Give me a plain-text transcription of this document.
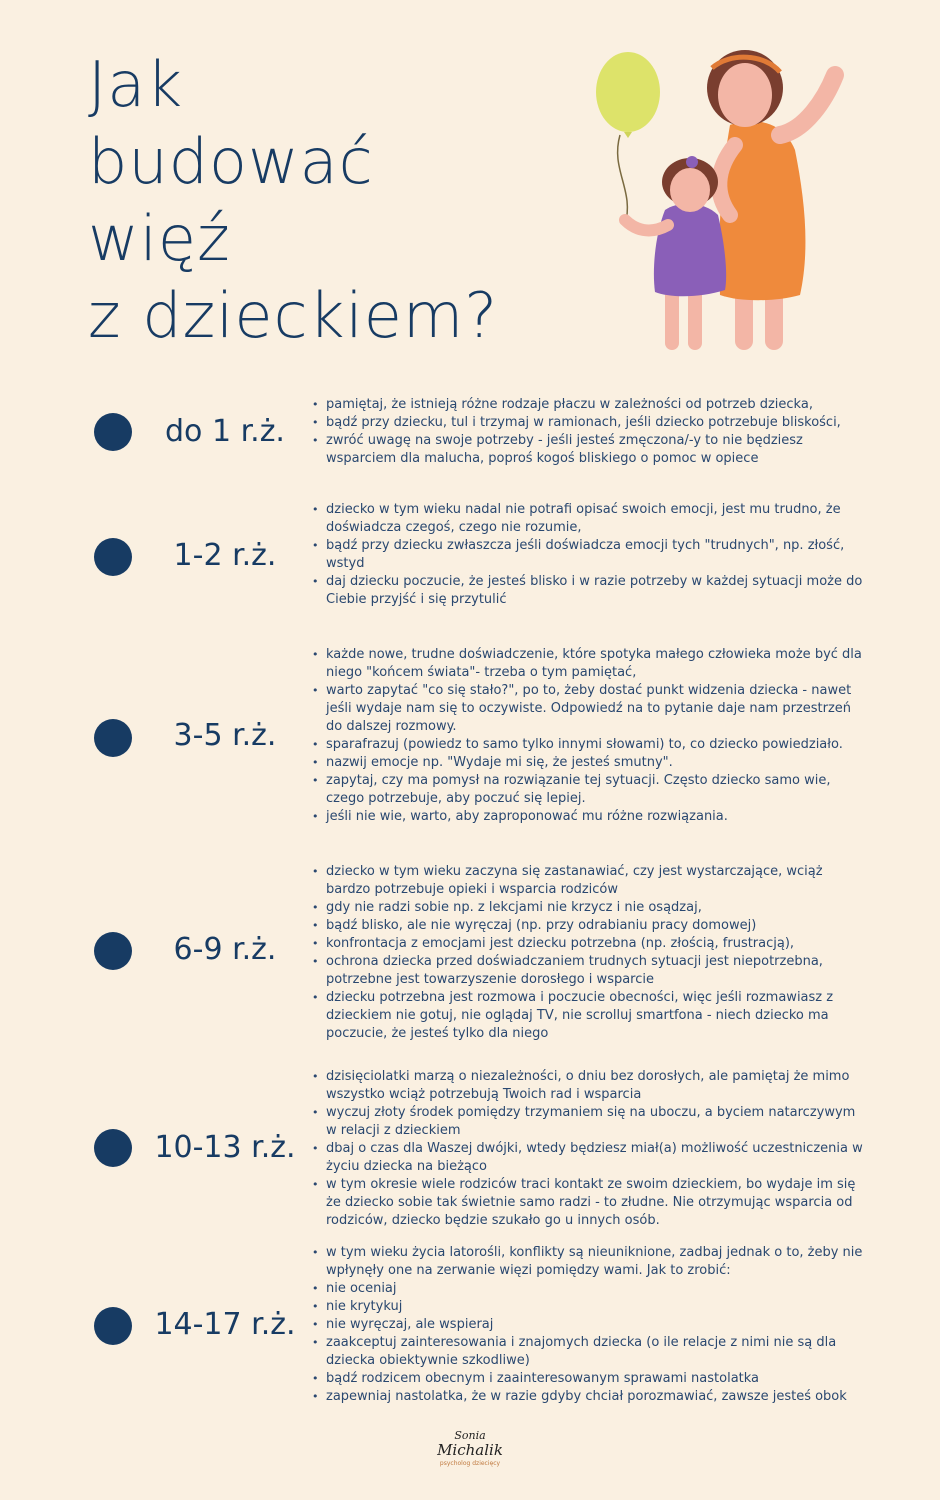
Jak
budować
więź
z dzieckiem?
do 1 r.ż.
• pamiętaj, że istnieją różne rodzaje płaczu w zależności od potrzeb dziecka,
• bądź przy dziecku, tul i trzymaj w ramionach, jeśli dziecko potrzebuje bliskości,
• zwróć uwagę na swoje potrzeby - jeśli jesteś zmęczona/-y to nie będziesz wsparciem dla malucha, poproś kogoś bliskiego o pomoc w opiece
1-2 r.ż.
• dziecko w tym wieku nadal nie potrafi opisać swoich emocji, jest mu trudno, że doświadcza czegoś, czego nie rozumie,
• bądź przy dziecku zwłaszcza jeśli doświadcza emocji tych "trudnych", np. złość, wstyd
• daj dziecku poczucie, że jesteś blisko i w razie potrzeby w każdej sytuacji może do Ciebie przyjść i się przytulić
3-5 r.ż.
• każde nowe, trudne doświadczenie, które spotyka małego człowieka może być dla niego "końcem świata"- trzeba o tym pamiętać,
• warto zapytać "co się stało?", po to, żeby dostać punkt widzenia dziecka - nawet jeśli wydaje nam się to oczywiste. Odpowiedź na to pytanie daje nam przestrzeń do dalszej rozmowy.
• sparafrazuj (powiedz to samo tylko innymi słowami) to, co dziecko powiedziało.
• nazwij emocje np. "Wydaje mi się, że jesteś smutny".
• zapytaj, czy ma pomysł na rozwiązanie tej sytuacji. Często dziecko samo wie, czego potrzebuje, aby poczuć się lepiej.
• jeśli nie wie, warto, aby zaproponować mu różne rozwiązania.
6-9 r.ż.
• dziecko w tym wieku zaczyna się zastanawiać, czy jest wystarczające, wciąż bardzo potrzebuje opieki i wsparcia rodziców
• gdy nie radzi sobie np. z lekcjami nie krzycz i nie osądzaj,
• bądź blisko, ale nie wyręczaj (np. przy odrabianiu pracy domowej)
• konfrontacja z emocjami jest dziecku potrzebna (np. złością, frustracją),
• ochrona dziecka przed doświadczaniem trudnych sytuacji jest niepotrzebna, potrzebne jest towarzyszenie dorosłego i wsparcie
• dziecku potrzebna jest rozmowa i poczucie obecności, więc jeśli rozmawiasz z dzieckiem nie gotuj, nie oglądaj TV, nie scrolluj smartfona - niech dziecko ma poczucie, że jesteś tylko dla niego
10-13 r.ż.
• dzisięciolatki marzą o niezależności, o dniu bez dorosłych, ale pamiętaj że mimo wszystko wciąż potrzebują Twoich rad i wsparcia
• wyczuj złoty środek pomiędzy trzymaniem się na uboczu, a byciem natarczywym w relacji z dzieckiem
• dbaj o czas dla Waszej dwójki, wtedy będziesz miał(a) możliwość uczestniczenia w życiu dziecka na bieżąco
• w tym okresie wiele rodziców traci kontakt ze swoim dzieckiem, bo wydaje im się że dziecko sobie tak świetnie samo radzi - to złudne. Nie otrzymując wsparcia od rodziców, dziecko będzie szukało go u innych osób.
14-17 r.ż.
• w tym wieku życia latorośli, konflikty są nieuniknione, zadbaj jednak o to, żeby nie wpłynęły one na zerwanie więzi pomiędzy wami. Jak to zrobić:
• nie oceniaj
• nie krytykuj
• nie wyręczaj, ale wspieraj
• zaakceptuj zainteresowania i znajomych dziecka (o ile relacje z nimi nie są dla dziecka obiektywnie szkodliwe)
• bądź rodzicem obecnym i zaainteresowanym sprawami nastolatka
• zapewniaj nastolatka, że w razie gdyby chciał porozmawiać, zawsze jesteś obok
Sonia
Michalik
psycholog dziecięcy
